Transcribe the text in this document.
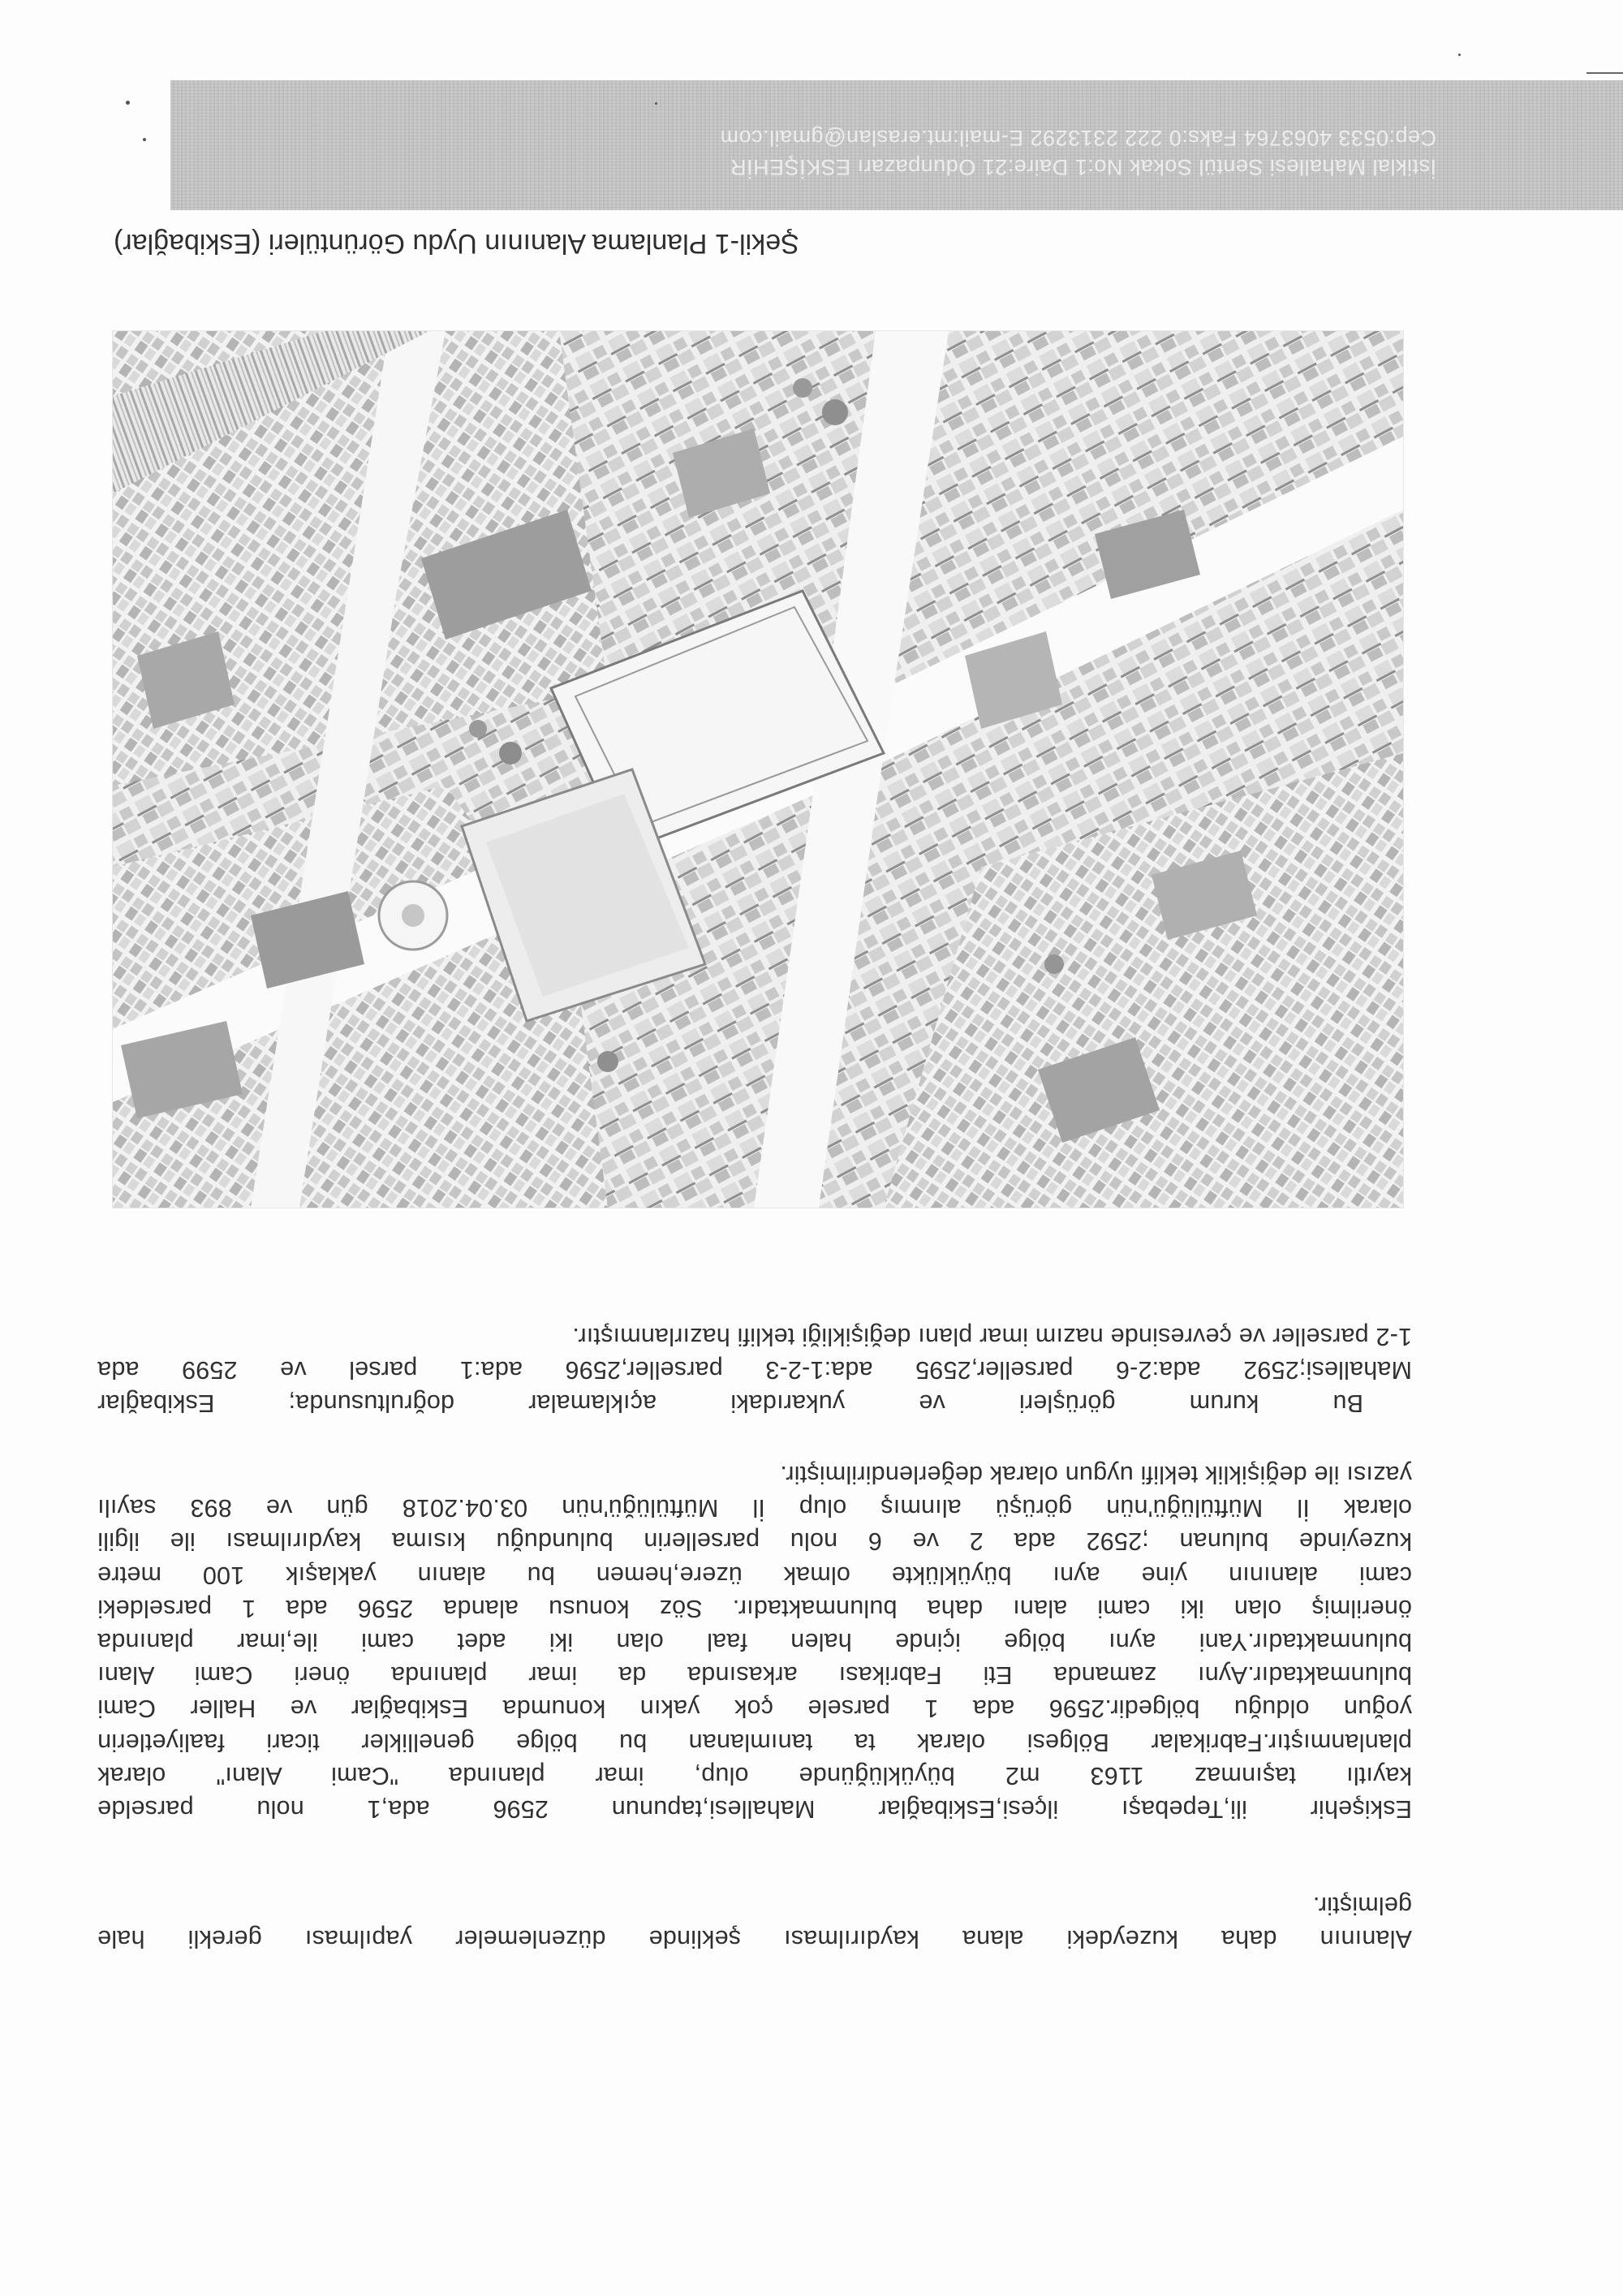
Alanının daha kuzeydeki alana kaydırılması şeklinde düzenlemeler yapılması gerekli hale
gelmiştir.
Eskişehir ili,Tepebaşı ilçesi,Eskibağlar Mahallesi,tapunun 2596 ada,1 nolu parselde
kayıtlı taşınmaz 1163 m2 büyüklüğünde olup, imar planında "Cami Alanı" olarak
planlanmıştır.Fabrikalar Bölgesi olarak ta tanımlanan bu bölge genellikler ticari faaliyetlerin
yoğun olduğu bölgedir.2596 ada 1 parsele çok yakın konumda Eskibağlar ve Haller Cami
bulunmaktadır.Aynı zamanda Eti Fabrikası arkasında da imar planında öneri Cami Alanı
bulunmaktadır.Yani aynı bölge içinde halen faal olan iki adet cami ile,imar planında
önerilmiş olan iki cami alanı daha bulunmaktadır. Söz konusu alanda 2596 ada 1 parseldeki
cami alanının yine aynı büyüklükte olmak üzere,hemen bu alanın yaklaşık 100 metre
kuzeyinde bulunan ;2592 ada 2 ve 6 nolu parsellerin bulunduğu kısıma kaydırılması ile ilgili
olarak İl Müftülüğü'nün görüşü alınmış olup İl Müftülüğü'nün 03.04.2018 gün ve 893 sayılı
yazısı ile değişiklik teklifi uygun olarak değerlendirilmiştir.
Bu kurum görüşleri ve yukarıdaki açıklamalar doğrultusunda; Eskibağlar
Mahallesi;2592 ada:2-6 parseller,2595 ada:1-2-3 parseller,2596 ada:1 parsel ve 2599 ada
1-2 parseller ve çevresinde nazım imar planı değişikliği teklifi hazırlanmıştır.
Şekil-1 Planlama Alanının Uydu Görüntüleri (Eskibağlar)
İstiklal Mahallesi Sentül Sokak No:1 Daire:21 Odunpazarı ESKİŞEHİR
Cep:0533 4063764 Faks:0 222 2313292 E-mail:mt.eraslan@gmail.com
